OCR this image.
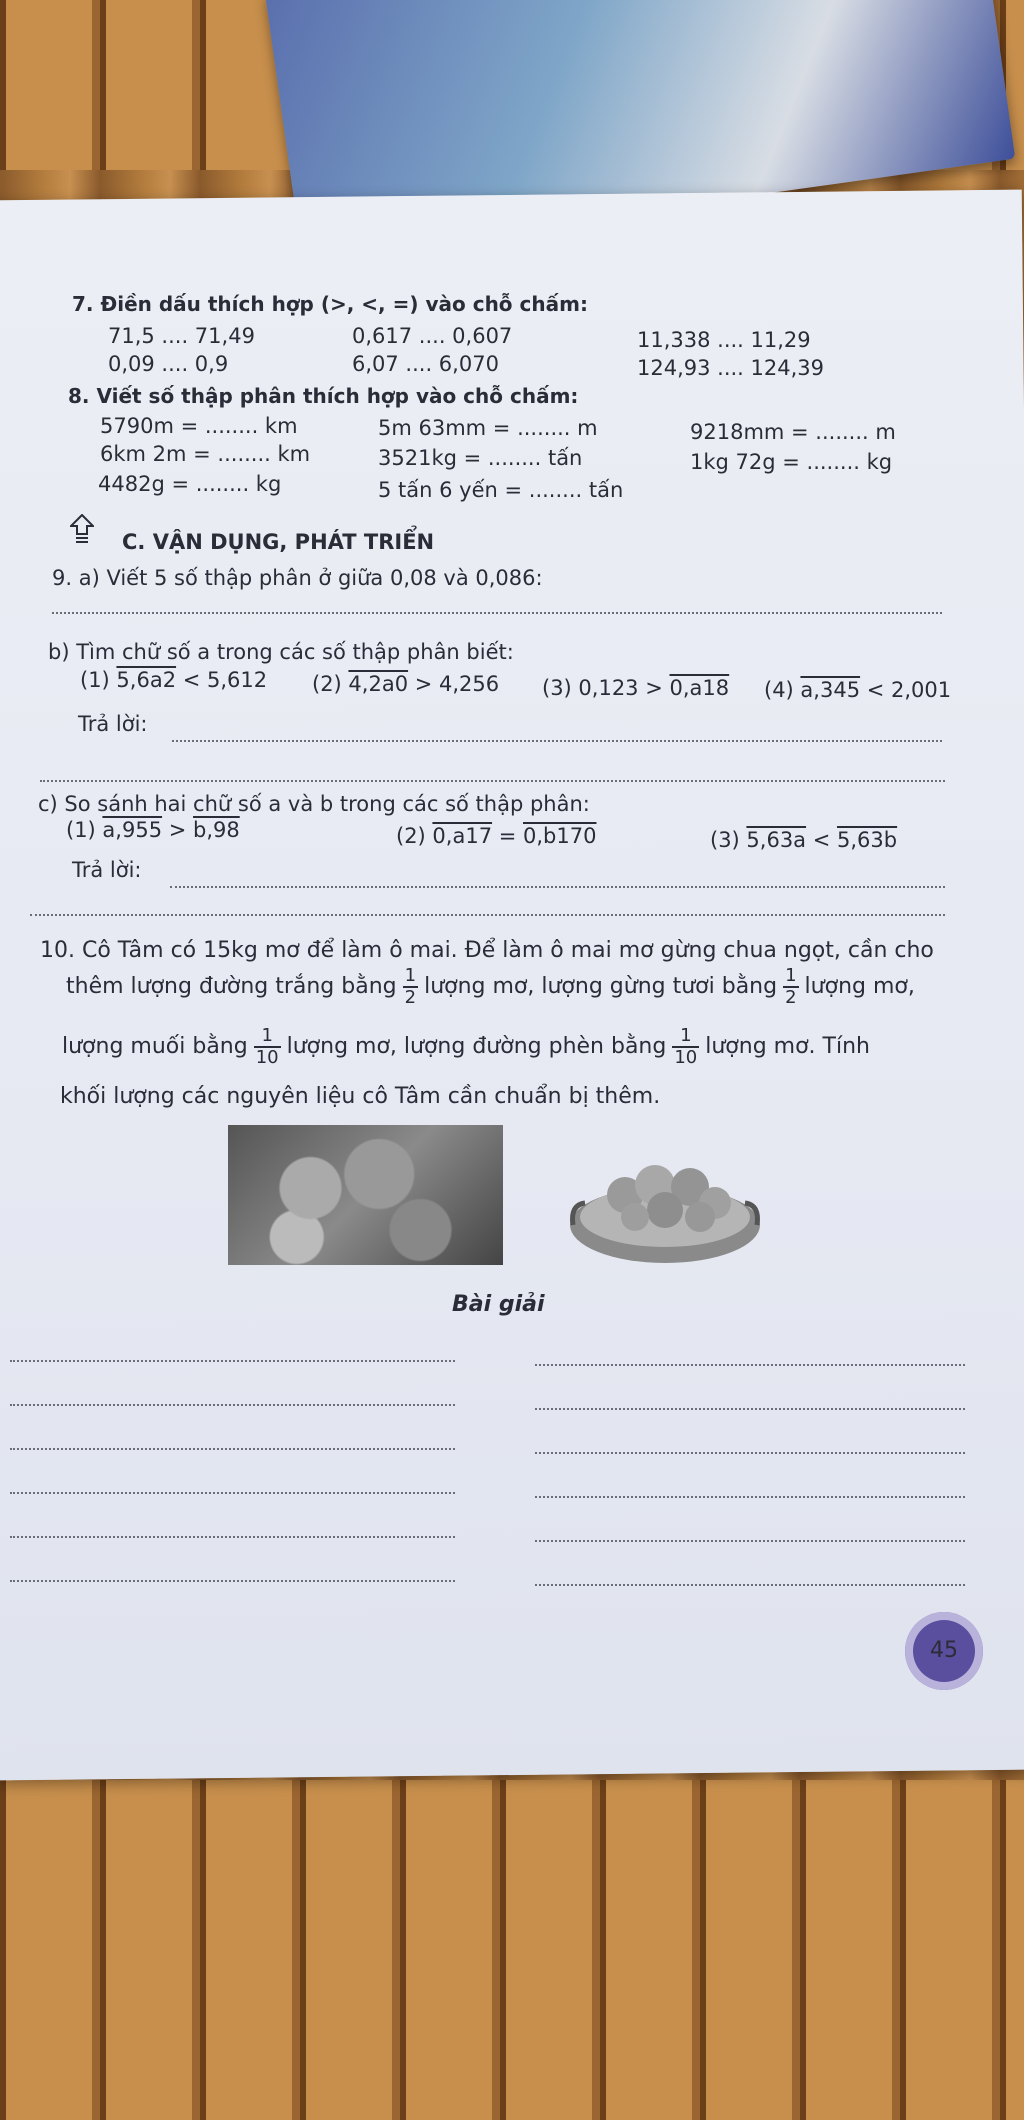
7. Điền dấu thích hợp (>, <, =) vào chỗ chấm:
71,5 .... 71,49	0,617 .... 0,607	11,338 .... 11,29
0,09 .... 0,9	6,07 .... 6,070	124,93 .... 124,39
8. Viết số thập phân thích hợp vào chỗ chấm:
5790m = ........ km	5m 63mm = ........ m	9218mm = ........ m
6km 2m = ........ km	3521kg = ........ tấn	1kg 72g = ........ kg
4482g = ........ kg	5 tấn 6 yến = ........ tấn
C. VẬN DỤNG, PHÁT TRIỂN
9. a) Viết 5 số thập phân ở giữa 0,08 và 0,086:
b) Tìm chữ số a trong các số thập phân biết:
(1) 5,6a2 < 5,612 (2) 4,2a0 > 4,256 (3) 0,123 > 0,a18 (4) a,345 < 2,001
Trả lời:
c) So sánh hai chữ số a và b trong các số thập phân:
(1) a,955 > b,98	(2) 0,a17 = 0,b170	(3) 5,63a < 5,63b
Trả lời:
10. Cô Tâm có 15kg mơ để làm ô mai. Để làm ô mai mơ gừng chua ngọt, cần cho
thêm lượng đường trắng bằng $\frac{1}{2}$ lượng mơ, lượng gừng tươi bằng $\frac{1}{2}$ lượng mơ,
lượng muối bằng $\frac{1}{10}$ lượng mơ, lượng đường phèn bằng $\frac{1}{10}$ lượng mơ. Tính
khối lượng các nguyên liệu cô Tâm cần chuẩn bị thêm.
Bài giải
45
